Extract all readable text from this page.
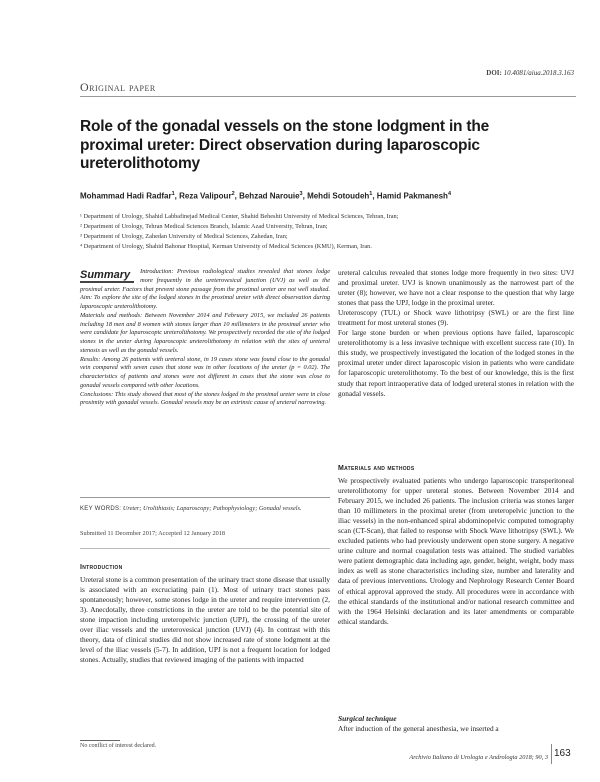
DOI: 10.4081/aiua.2018.3.163
Original paper
Role of the gonadal vessels on the stone lodgment in the proximal ureter: Direct observation during laparoscopic ureterolithotomy
Mohammad Hadi Radfar$^1$, Reza Valipour$^2$, Behzad Narouie$^3$, Mehdi Sotoudeh$^1$, Hamid Pakmanesh$^4$
¹ Department of Urology, Shahid Labbafinejad Medical Center, Shahid Beheshti University of Medical Sciences, Tehran, Iran;
² Department of Urology, Tehran Medical Sciences Branch, Islamic Azad University, Tehran, Iran;
³ Department of Urology, Zahedan University of Medical Sciences, Zahedan, Iran;
⁴ Department of Urology, Shahid Bahonar Hospital, Kerman University of Medical Sciences (KMU), Kerman, Iran.
Summary	Introduction: Previous radiological studies revealed that stones lodge more frequently in the ureterovesical junction (UVJ) as well as the proximal ureter. Factors that prevent stone passage from the proximal ureter are not well studied. Aim: To explore the site of the lodged stones in the proximal ureter with direct observation during laparoscopic ureterolithotomy.

Materials and methods: Between November 2014 and February 2015, we included 26 patients including 18 men and 8 women with stones larger than 10 millimeters in the proximal ureter who were candidate for laparoscopic ureterolithotomy. We prospectively recorded the site of the lodged stones in the ureter during laparoscopic ureterolithotomy in relation with the sites of ureteral stenosis as well as the gonadal vessels.

Results: Among 26 patients with ureteral stone, in 19 cases stone was found close to the gonadal vein compared with seven cases that stone was in other locations of the ureter (p = 0.02). The characteristics of patients and stones were not different in cases that the stone was close to gonadal vessels compared with other locations.

Conclusions: This study showed that most of the stones lodged in the proximal ureter were in close proximity with gonadal vessels. Gonadal vessels may be an extrinsic cause of ureteral narrowing.

KEY WORDS: Ureter; Urolithiasis; Laparoscopy; Pathophysiology; Gonadal vessels.
Submitted 11 December 2017; Accepted 12 January 2018
Introduction

Ureteral stone is a common presentation of the urinary tract stone disease that usually is associated with an excruciating pain (1). Most of urinary tract stones pass spontaneously; however, some stones lodge in the ureter and require intervention (2, 3). Anecdotally, three constrictions in the ureter are told to be the potential site of stone impaction including ureteropelvic junction (UPJ), the crossing of the ureter over iliac vessels and the ureterovesical junction (UVJ) (4). In contrast with this theory, data of clinical studies did not show increased rate of stone lodgment at the level of the iliac vessels (5-7). In addition, UPJ is not a frequent location for lodged stones. Actually, studies that reviewed imaging of the patients with impacted

No conflict of interest declared.

ureteral calculus revealed that stones lodge more frequently in two sites: UVJ and proximal ureter. UVJ is known unanimously as the narrowest part of the ureter (8); however, we have not a clear response to the question that why large stones that pass the UPJ, lodge in the proximal ureter.

Ureteroscopy (TUL) or Shock wave lithotripsy (SWL) or are the first line treatment for most ureteral stones (9).

For large stone burden or when previous options have failed, laparoscopic ureterolithotomy is a less invasive technique with excellent success rate (10). In this study, we prospectively investigated the location of the lodged stones in the proximal ureter under direct laparoscopic vision in patients who were candidate for laparoscopic ureterolithotomy. To the best of our knowledge, this is the first study that report intraoperative data of lodged ureteral stones in relation with the gonadal vessels.

Materials and methods

We prospectively evaluated patients who undergo laparoscopic transperitoneal ureterolithotomy for upper ureteral stones. Between November 2014 and February 2015, we included 26 patients. The inclusion criteria was stones larger than 10 millimeters in the proximal ureter (from ureteropelvic junction to the iliac vessels) in the non-enhanced spiral abdominopelvic computed tomography scan (CT-Scan), that failed to response with Shock Wave lithotripsy (SWL). We excluded patients who had previously underwent open stone surgery. A negative urine culture and normal coagulation tests was attained. The studied variables were patient demographic data including age, gender, height, weight, body mass index as well as stone characteristics including size, number and laterality and data of previous interventions. Urology and Nephrology Research Center Board of ethical approval approved the study. All procedures were in accordance with the ethical standards of the institutional and/or national research committee and with the 1964 Helsinki declaration and its later amendments or comparable ethical standards.

Surgical technique
After induction of the general anesthesia, we inserted a
Archivio Italiano di Urologia e Andrologia 2018; 90, 3 163
